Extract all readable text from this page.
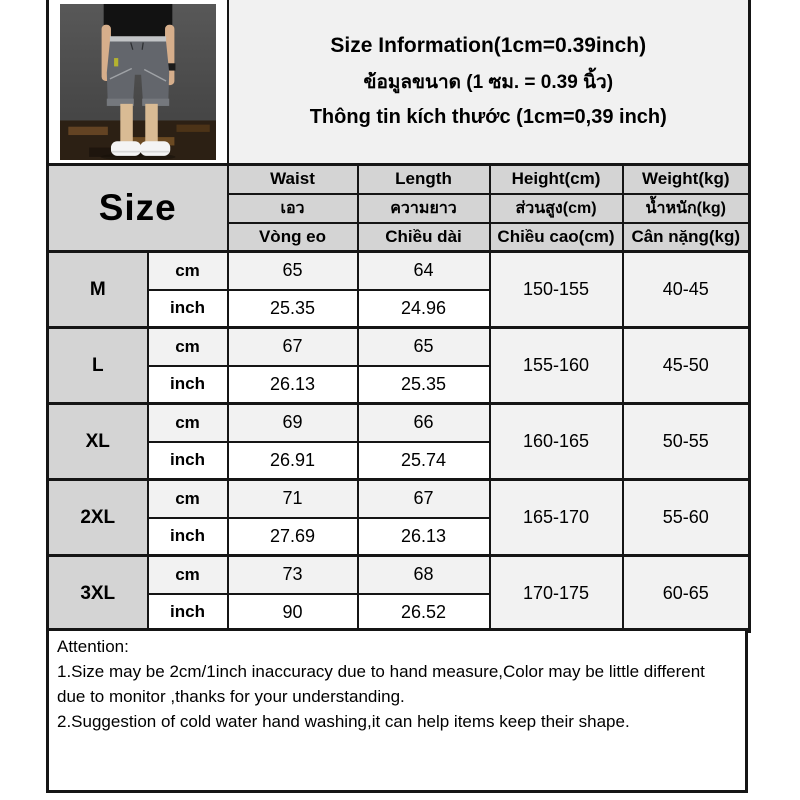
Size Information(1cm=0.39inch)
ข้อมูลขนาด (1 ซม. = 0.39 นิ้ว)
Thông tin kích thước (1cm=0,39 inch)			

Size		Waist	Length	Height(cm)	Weight(kg)
		เอว	ความยาว	ส่วนสูง(cm)	น้ำหนัก(kg)
		Vòng eo	Chiều dài	Chiều cao(cm)	Cân nặng(kg)
M	cm	65	64	150-155	40-45
	inch	25.35	24.96		
L	cm	67	65	155-160	45-50
	inch	26.13	25.35		
XL	cm	69	66	160-165	50-55
	inch	26.91	25.74		
2XL	cm	71	67	165-170	55-60
	inch	27.69	26.13		
3XL	cm	73	68	170-175	60-65
	inch	90	26.52		

Attention:

1.Size may be 2cm/1inch inaccuracy due to hand measure,Color may be little different due to monitor ,thanks for your understanding.

2.Suggestion of cold water hand washing,it can help items keep their shape.
